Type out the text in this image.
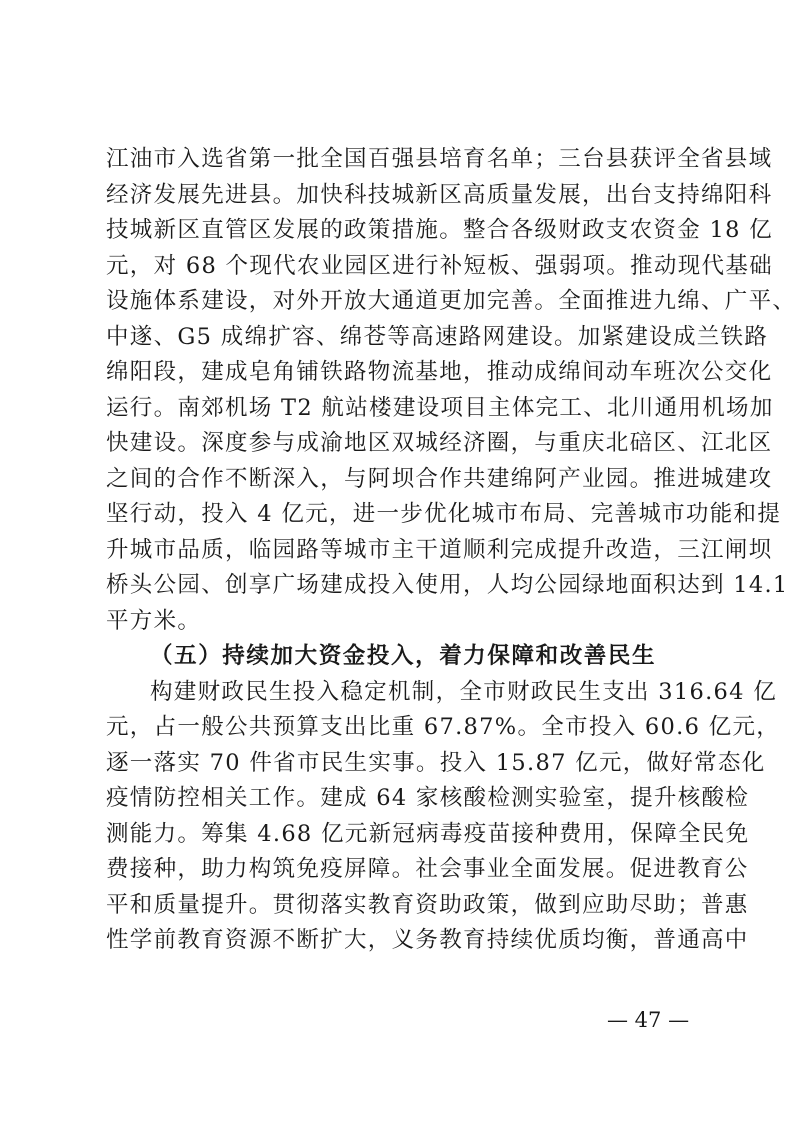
江油市入选省第一批全国百强县培育名单；三台县获评全省县域
经济发展先进县。加快科技城新区高质量发展，出台支持绵阳科
技城新区直管区发展的政策措施。整合各级财政支农资金 18 亿
元，对 68 个现代农业园区进行补短板、强弱项。推动现代基础
设施体系建设，对外开放大通道更加完善。全面推进九绵、广平、
中遂、G5 成绵扩容、绵苍等高速路网建设。加紧建设成兰铁路
绵阳段，建成皂角铺铁路物流基地，推动成绵间动车班次公交化
运行。南郊机场 T2 航站楼建设项目主体完工、北川通用机场加
快建设。深度参与成渝地区双城经济圈，与重庆北碚区、江北区
之间的合作不断深入，与阿坝合作共建绵阿产业园。推进城建攻
坚行动，投入 4 亿元，进一步优化城市布局、完善城市功能和提
升城市品质，临园路等城市主干道顺利完成提升改造，三江闸坝
桥头公园、创享广场建成投入使用，人均公园绿地面积达到 14.1
平方米。
（五）持续加大资金投入，着力保障和改善民生
构建财政民生投入稳定机制，全市财政民生支出 316.64 亿
元，占一般公共预算支出比重 67.87%。全市投入 60.6 亿元，
逐一落实 70 件省市民生实事。投入 15.87 亿元，做好常态化
疫情防控相关工作。建成 64 家核酸检测实验室，提升核酸检
测能力。筹集 4.68 亿元新冠病毒疫苗接种费用，保障全民免
费接种，助力构筑免疫屏障。社会事业全面发展。促进教育公
平和质量提升。贯彻落实教育资助政策，做到应助尽助；普惠
性学前教育资源不断扩大，义务教育持续优质均衡，普通高中
— 47 —
